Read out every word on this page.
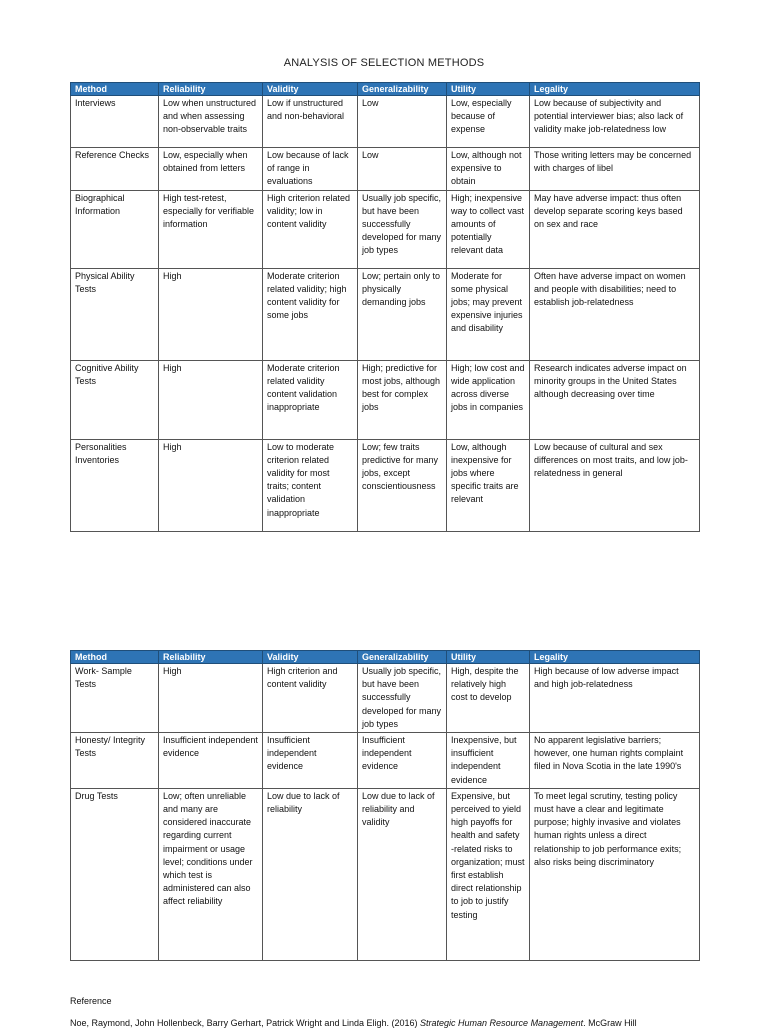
ANALYSIS OF SELECTION METHODS
Method	Reliability	Validity	Generalizability	Utility	Legality
Interviews	Low when unstructured and when assessing non-observable traits	Low if unstructured and non-behavioral	Low	Low, especially because of expense	Low because of subjectivity and potential interviewer bias; also lack of validity make job-relatedness low
Reference Checks	Low, especially when obtained from letters	Low because of lack of range in evaluations	Low	Low, although not expensive to obtain	Those writing letters may be concerned with charges of libel
Biographical Information	High test-retest, especially for verifiable information	High criterion related validity; low in content validity	Usually job specific, but have been successfully developed for many job types	High; inexpensive way to collect vast amounts of potentially relevant data	May have adverse impact: thus often develop separate scoring keys based on sex and race
Physical Ability Tests	High	Moderate criterion related validity; high content validity for some jobs	Low; pertain only to physically demanding jobs	Moderate for some physical jobs; may prevent expensive injuries and disability	Often have adverse impact on women and people with disabilities; need to establish job-relatedness
Cognitive Ability Tests	High	Moderate criterion related validity content validation inappropriate	High; predictive for most jobs, although best for complex jobs	High; low cost and wide application across diverse jobs in companies	Research indicates adverse impact on minority groups in the United States although decreasing over time
Personalities Inventories	High	Low to moderate criterion related validity for most traits; content validation inappropriate	Low; few traits predictive for many jobs, except conscientiousness	Low, although inexpensive for jobs where specific traits are relevant	Low because of cultural and sex differences on most traits, and low job-relatedness in general
Method	Reliability	Validity	Generalizability	Utility	Legality
Work- Sample Tests	High	High criterion and content validity	Usually job specific, but have been successfully developed for many job types	High, despite the relatively high cost to develop	High because of low adverse impact and high job-relatedness
Honesty/ Integrity Tests	Insufficient independent evidence	Insufficient independent evidence	Insufficient independent evidence	Inexpensive, but insufficient independent evidence	No apparent legislative barriers; however, one human rights complaint filed in Nova Scotia in the late 1990's
Drug Tests	Low; often unreliable and many are considered inaccurate regarding current impairment or usage level; conditions under which test is administered can also affect reliability	Low due to lack of reliability	Low due to lack of reliability and validity	Expensive, but perceived to yield high payoffs for health and safety -related risks to organization; must first establish direct relationship to job to justify testing	To meet legal scrutiny, testing policy must have a clear and legitimate purpose; highly invasive and violates human rights unless a direct relationship to job performance exits; also risks being discriminatory
Reference
Noe, Raymond, John Hollenbeck, Barry Gerhart, Patrick Wright and Linda Eligh. (2016) Strategic Human Resource Management. McGraw Hill
